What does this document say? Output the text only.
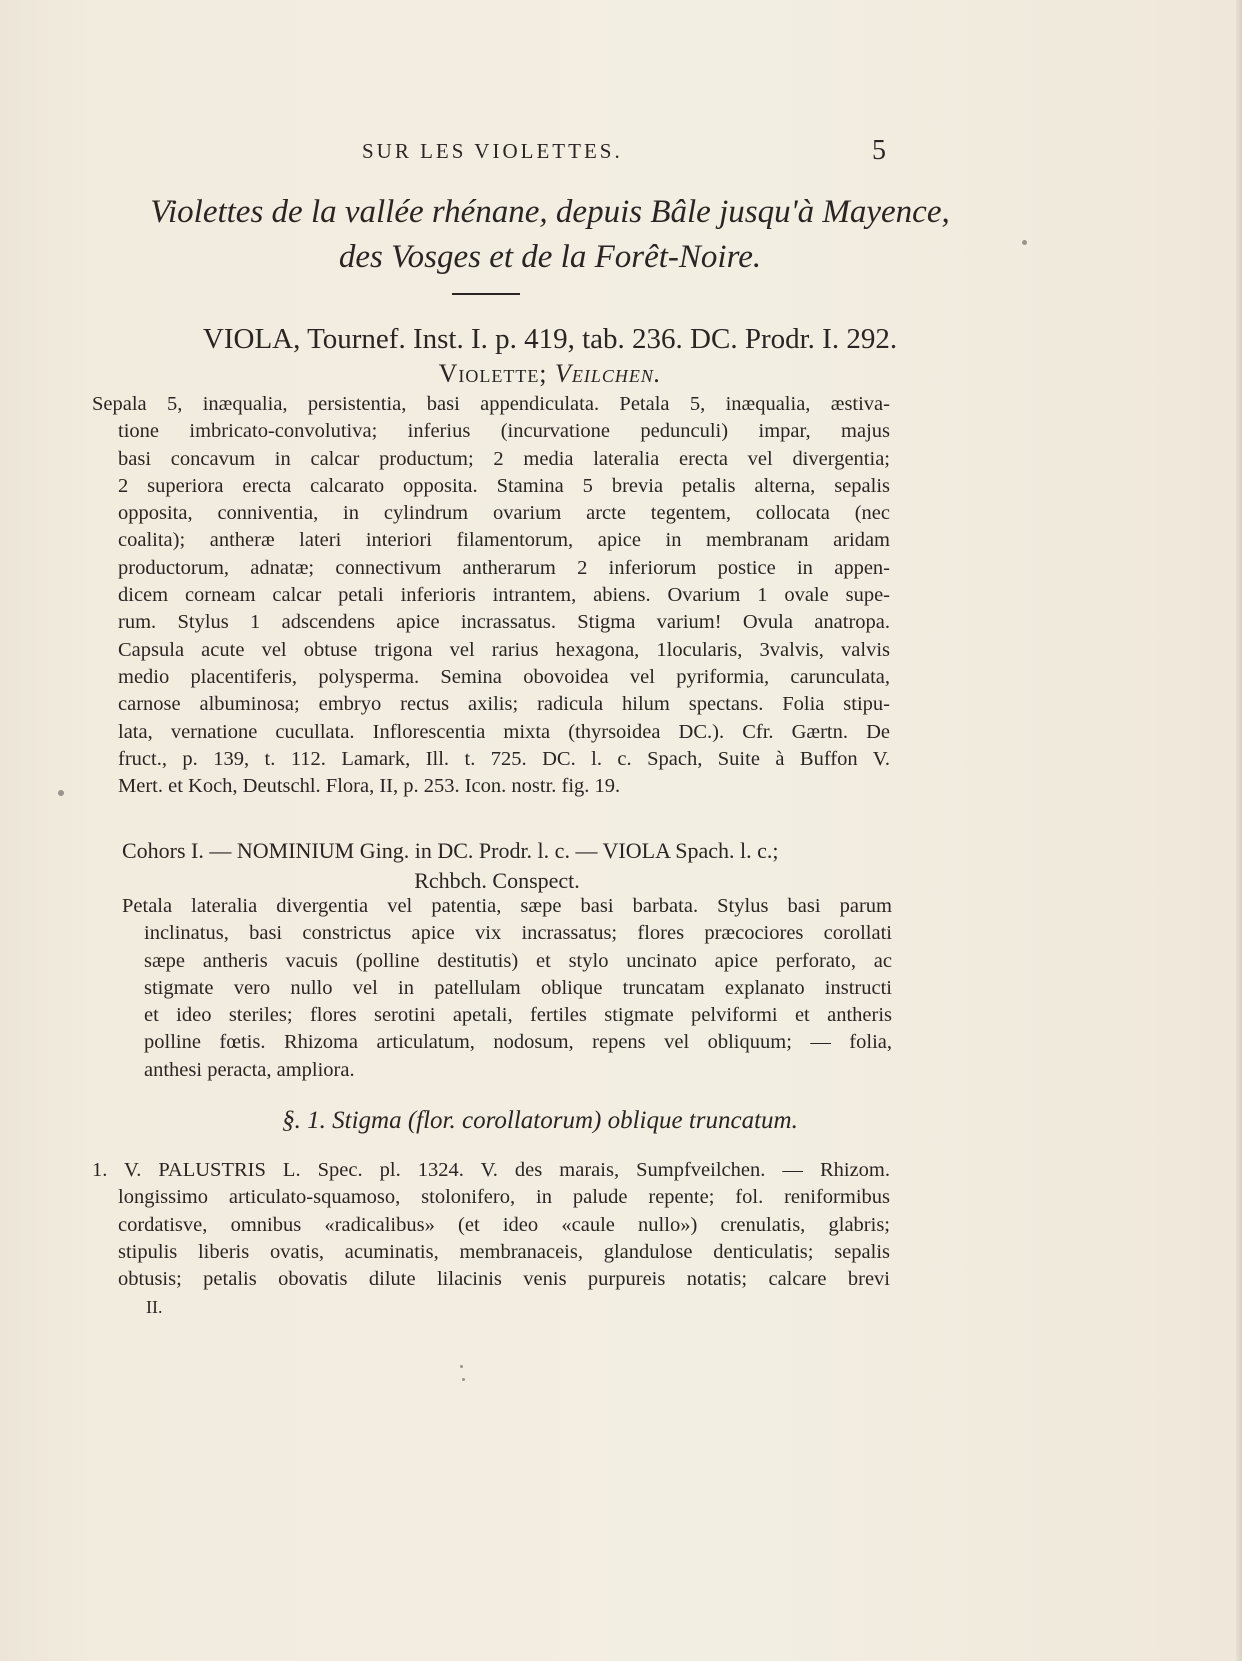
SUR LES VIOLETTES.	5
Violettes de la vallée rhénane, depuis Bâle jusqu'à Mayence,
des Vosges et de la Forêt-Noire.
VIOLA, Tournef. Inst. I. p. 419, tab. 236. DC. Prodr. I. 292.
Violette; Veilchen.
Sepala 5, inæqualia, persistentia, basi appendiculata. Petala 5, inæqualia, æstiva-
tione imbricato-convolutiva; inferius (incurvatione pedunculi) impar, majus
basi concavum in calcar productum; 2 media lateralia erecta vel divergentia;
2 superiora erecta calcarato opposita. Stamina 5 brevia petalis alterna, sepalis
opposita, conniventia, in cylindrum ovarium arcte tegentem, collocata (nec
coalita); antheræ lateri interiori filamentorum, apice in membranam aridam
productorum, adnatæ; connectivum antherarum 2 inferiorum postice in appen-
dicem corneam calcar petali inferioris intrantem, abiens. Ovarium 1 ovale supe-
rum. Stylus 1 adscendens apice incrassatus. Stigma varium! Ovula anatropa.
Capsula acute vel obtuse trigona vel rarius hexagona, 1locularis, 3valvis, valvis
medio placentiferis, polysperma. Semina obovoidea vel pyriformia, carunculata,
carnose albuminosa; embryo rectus axilis; radicula hilum spectans. Folia stipu-
lata, vernatione cucullata. Inflorescentia mixta (thyrsoidea DC.). Cfr. Gærtn. De
fruct., p. 139, t. 112. Lamark, Ill. t. 725. DC. l. c. Spach, Suite à Buffon V.
Mert. et Koch, Deutschl. Flora, II, p. 253. Icon. nostr. fig. 19.
Cohors I. — NOMINIUM Ging. in DC. Prodr. l. c. — VIOLA Spach. l. c.;
Rchbch. Conspect.
Petala lateralia divergentia vel patentia, sæpe basi barbata. Stylus basi parum
inclinatus, basi constrictus apice vix incrassatus; flores præcociores corollati
sæpe antheris vacuis (polline destitutis) et stylo uncinato apice perforato, ac
stigmate vero nullo vel in patellulam oblique truncatam explanato instructi
et ideo steriles; flores serotini apetali, fertiles stigmate pelviformi et antheris
polline fœtis. Rhizoma articulatum, nodosum, repens vel obliquum; — folia,
anthesi peracta, ampliora.
§. 1. Stigma (flor. corollatorum) oblique truncatum.
1. V. PALUSTRIS L. Spec. pl. 1324. V. des marais, Sumpfveilchen. — Rhizom.
longissimo articulato-squamoso, stolonifero, in palude repente; fol. reniformibus
cordatisve, omnibus «radicalibus» (et ideo «caule nullo») crenulatis, glabris;
stipulis liberis ovatis, acuminatis, membranaceis, glandulose denticulatis; sepalis
obtusis; petalis obovatis dilute lilacinis venis purpureis notatis; calcare brevi
II.
